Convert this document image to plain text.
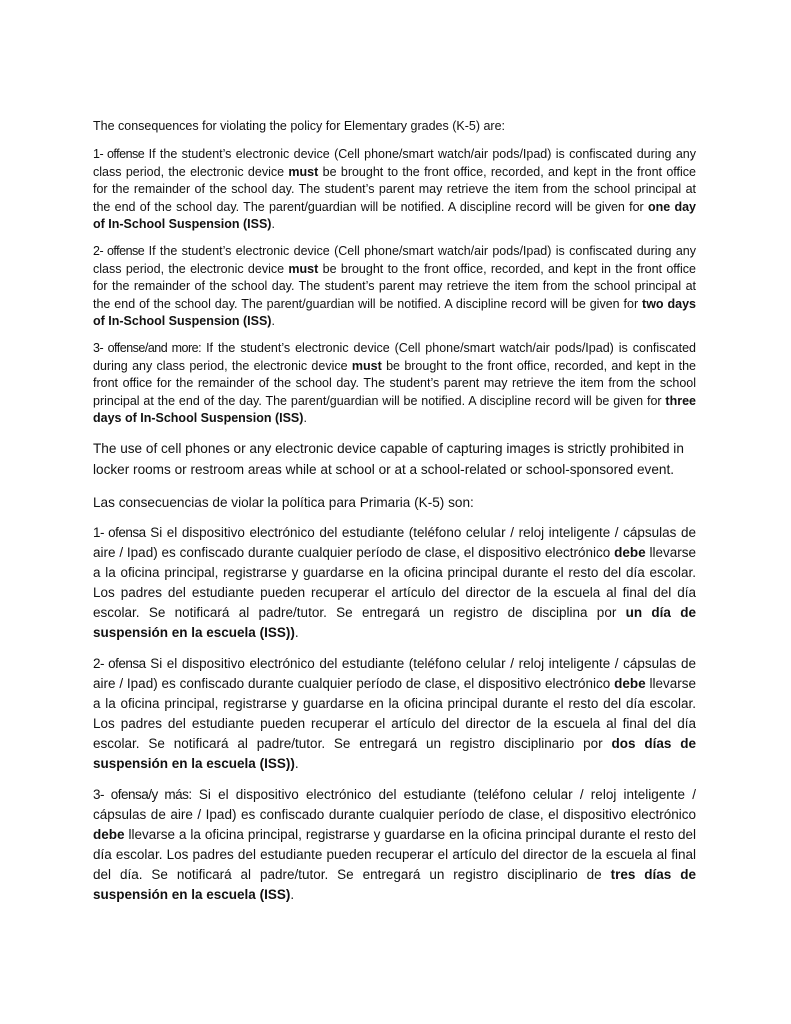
The consequences for violating the policy for Elementary grades (K-5) are:

1- offense If the student’s electronic device (Cell phone/smart watch/air pods/Ipad) is confiscated during any class period, the electronic device must be brought to the front office, recorded, and kept in the front office for the remainder of the school day. The student’s parent may retrieve the item from the school principal at the end of the school day. The parent/guardian will be notified. A discipline record will be given for one day of In-School Suspension (ISS).

2- offense If the student’s electronic device (Cell phone/smart watch/air pods/Ipad) is confiscated during any class period, the electronic device must be brought to the front office, recorded, and kept in the front office for the remainder of the school day. The student’s parent may retrieve the item from the school principal at the end of the school day. The parent/guardian will be notified. A discipline record will be given for two days of In-School Suspension (ISS).

3- offense/and more: If the student’s electronic device (Cell phone/smart watch/air pods/Ipad) is confiscated during any class period, the electronic device must be brought to the front office, recorded, and kept in the front office for the remainder of the school day. The student’s parent may retrieve the item from the school principal at the end of the day. The parent/guardian will be notified. A discipline record will be given for three days of In-School Suspension (ISS).

The use of cell phones or any electronic device capable of capturing images is strictly prohibited in locker rooms or restroom areas while at school or at a school-related or school-sponsored event.

Las consecuencias de violar la política para Primaria (K-5) son:

1- ofensa Si el dispositivo electrónico del estudiante (teléfono celular / reloj inteligente / cápsulas de aire / Ipad) es confiscado durante cualquier período de clase, el dispositivo electrónico debe llevarse a la oficina principal, registrarse y guardarse en la oficina principal durante el resto del día escolar. Los padres del estudiante pueden recuperar el artículo del director de la escuela al final del día escolar. Se notificará al padre/tutor. Se entregará un registro de disciplina por un día de suspensión en la escuela (ISS)).

2- ofensa Si el dispositivo electrónico del estudiante (teléfono celular / reloj inteligente / cápsulas de aire / Ipad) es confiscado durante cualquier período de clase, el dispositivo electrónico debe llevarse a la oficina principal, registrarse y guardarse en la oficina principal durante el resto del día escolar. Los padres del estudiante pueden recuperar el artículo del director de la escuela al final del día escolar. Se notificará al padre/tutor. Se entregará un registro disciplinario por dos días de suspensión en la escuela (ISS)).

3- ofensa/y más: Si el dispositivo electrónico del estudiante (teléfono celular / reloj inteligente / cápsulas de aire / Ipad) es confiscado durante cualquier período de clase, el dispositivo electrónico debe llevarse a la oficina principal, registrarse y guardarse en la oficina principal durante el resto del día escolar. Los padres del estudiante pueden recuperar el artículo del director de la escuela al final del día. Se notificará al padre/tutor. Se entregará un registro disciplinario de tres días de suspensión en la escuela (ISS).
